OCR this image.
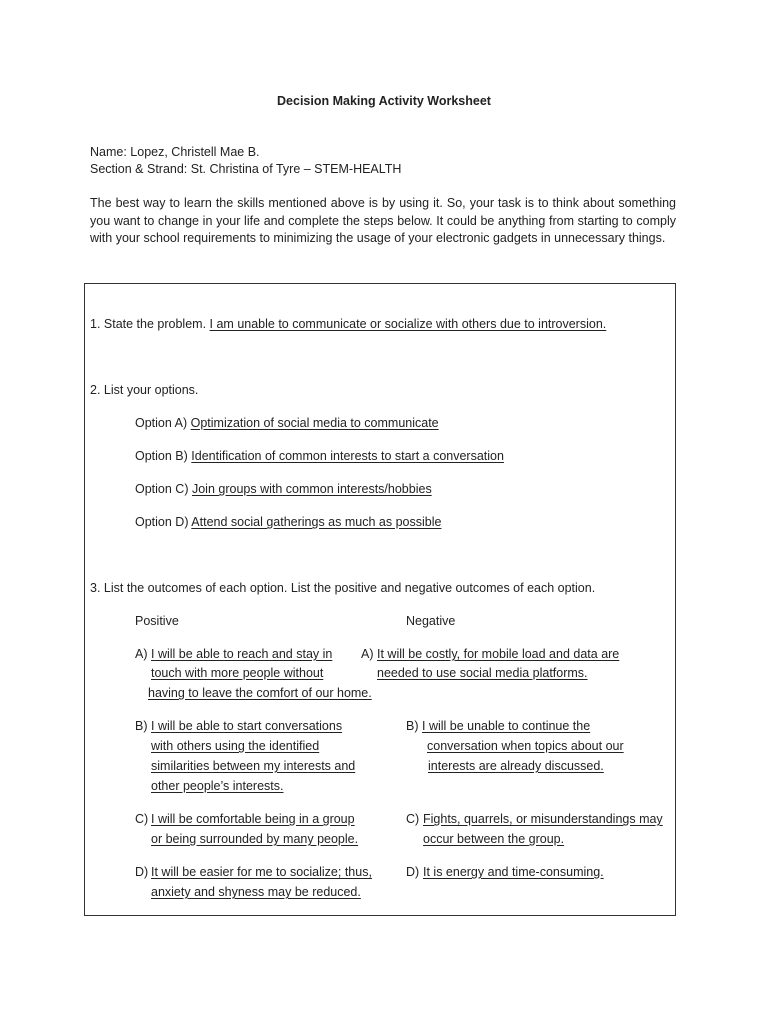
Decision Making Activity Worksheet
Name: Lopez, Christell Mae B.
Section & Strand: St. Christina of Tyre – STEM-HEALTH
The best way to learn the skills mentioned above is by using it. So, your task is to think about something you want to change in your life and complete the steps below. It could be anything from starting to comply with your school requirements to minimizing the usage of your electronic gadgets in unnecessary things.
1. State the problem. I am unable to communicate or socialize with others due to introversion.
2. List your options.
Option A) Optimization of social media to communicate
Option B) Identification of common interests to start a conversation
Option C) Join groups with common interests/hobbies
Option D) Attend social gatherings as much as possible
3. List the outcomes of each option. List the positive and negative outcomes of each option.
Positive	Negative
A) I will be able to reach and stay in
touch with more people without
having to leave the comfort of our home.
A) It will be costly, for mobile load and data are
needed to use social media platforms.
B) I will be able to start conversations
with others using the identified
similarities between my interests and
other people’s interests.
B) I will be unable to continue the
conversation when topics about our
interests are already discussed.
C) I will be comfortable being in a group
or being surrounded by many people.
C) Fights, quarrels, or misunderstandings may
occur between the group.
D) It will be easier for me to socialize; thus,
anxiety and shyness may be reduced.
D) It is energy and time-consuming.
